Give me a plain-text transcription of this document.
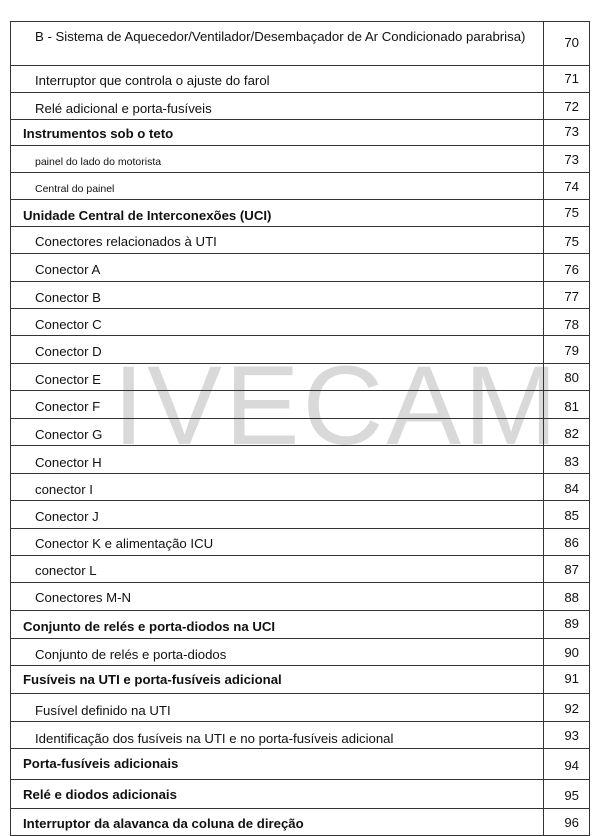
IVECAM
B - Sistema de Aquecedor/Ventilador/Desembaçador de Ar Condicionado parabrisa)	70

Interruptor que controla o ajuste do farol	71

Relé adicional e porta-fusíveis	72

Instrumentos sob o teto	73

painel do lado do motorista	73

Central do painel	74

Unidade Central de Interconexões (UCI)	75

Conectores relacionados à UTI	75

Conector A	76

Conector B	77

Conector C	78

Conector D	79

Conector E	80

Conector F	81

Conector G	82

Conector H	83

conector I	84

Conector J	85

Conector K e alimentação ICU	86

conector L	87

Conectores M-N	88

Conjunto de relés e porta-diodos na UCI	89

Conjunto de relés e porta-diodos	90

Fusíveis na UTI e porta-fusíveis adicional	91

Fusível definido na UTI	92

Identificação dos fusíveis na UTI e no porta-fusíveis adicional	93

Porta-fusíveis adicionais	94

Relé e diodos adicionais	95

Interruptor da alavanca da coluna de direção	96
